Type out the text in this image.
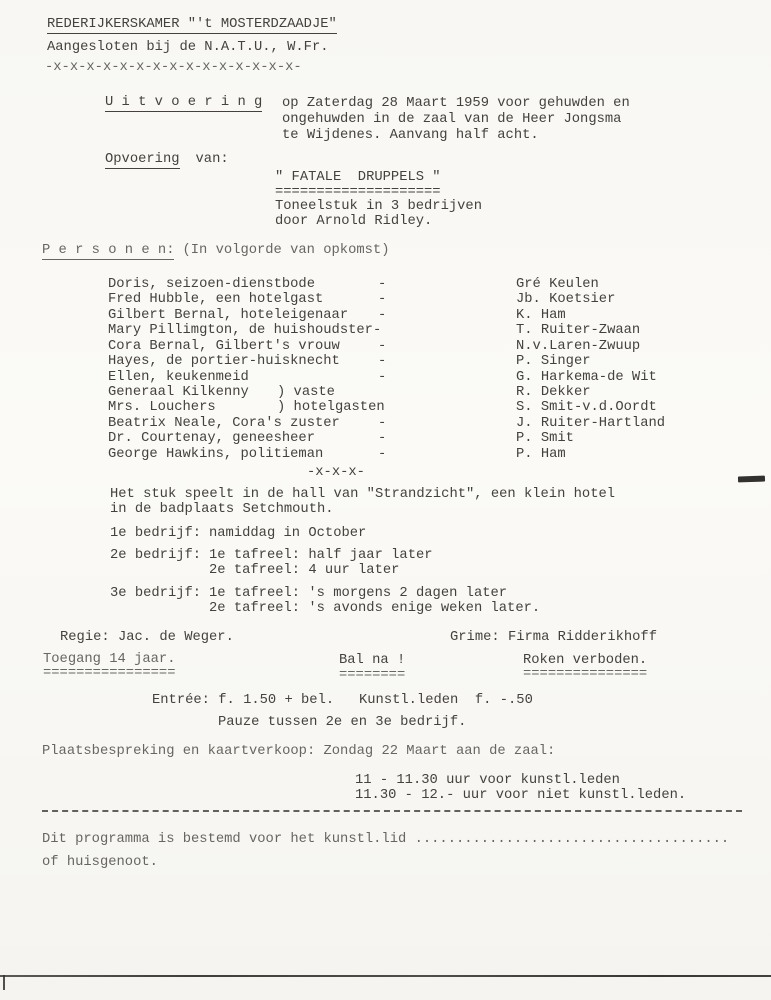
REDERIJKERSKAMER "'t MOSTERDZAADJE"
Aangesloten bij de N.A.T.U., W.Fr.
-x-x-x-x-x-x-x-x-x-x-x-x-x-x-x-
U i t v o e r i n g op Zaterdag 28 Maart 1959 voor gehuwden en
ongehuwden in de zaal van de Heer Jongsma
te Wijdenes. Aanvang half acht.
Opvoering van:
" FATALE  DRUPPELS "
====================
Toneelstuk in 3 bedrijven
door Arnold Ridley.
P e r s o n e n: (In volgorde van opkomst)
Doris, seizoen-dienstbode	-	Gré Keulen
Fred Hubble, een hotelgast	-	Jb. Koetsier
Gilbert Bernal, hoteleigenaar -	K. Ham
Mary Pillimgton, de huishoudster-	T. Ruiter-Zwaan
Cora Bernal, Gilbert's vrouw	-	N.v.Laren-Zwuup
Hayes, de portier-huisknecht	-	P. Singer
Ellen, keukenmeid	-	G. Harkema-de Wit
Generaal Kilkenny ) vaste	R. Dekker
Mrs. Louchers	) hotelgasten	S. Smit-v.d.Oordt
Beatrix Neale, Cora's zuster	-	J. Ruiter-Hartland
Dr. Courtenay, geneesheer	-	P. Smit
George Hawkins, politieman	-	P. Ham
-x-x-x-
Het stuk speelt in de hall van "Strandzicht", een klein hotel
in de badplaats Setchmouth.
1e bedrijf: namiddag in October
2e bedrijf: 1e tafreel: half jaar later
2e tafreel: 4 uur later
3e bedrijf: 1e tafreel: 's morgens 2 dagen later
2e tafreel: 's avonds enige weken later.
Regie: Jac. de Weger.	Grime: Firma Ridderikhoff
Toegang 14 jaar.
================
Bal na !
========
Roken verboden.
===============
Entrée: f. 1.50 + bel.   Kunstl.leden  f. -.50
Pauze tussen 2e en 3e bedrijf.
Plaatsbespreking en kaartverkoop: Zondag 22 Maart aan de zaal:
11 - 11.30 uur voor kunstl.leden
11.30 - 12.- uur voor niet kunstl.leden.
Dit programma is bestemd voor het kunstl.lid ......................................
of huisgenoot.
